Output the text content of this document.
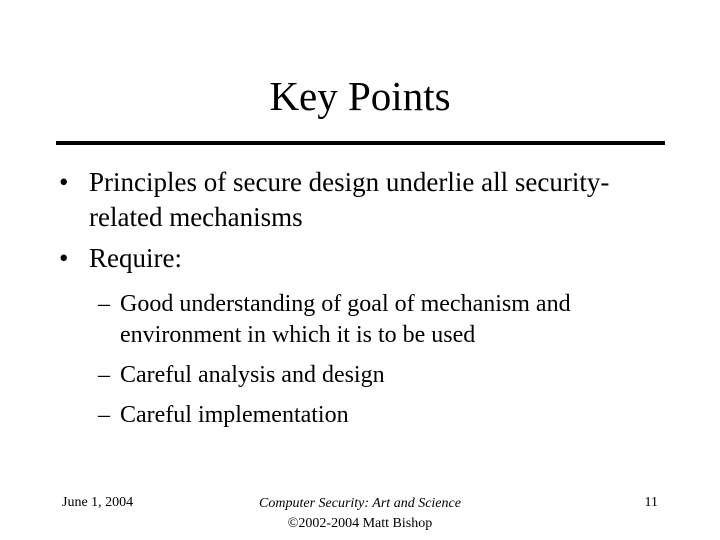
Key Points
• Principles of secure design underlie all security-related mechanisms
• Require:
– Good understanding of goal of mechanism and environment in which it is to be used
– Careful analysis and design
– Careful implementation
June 1, 2004	Computer Security: Art and Science
©2002-2004 Matt Bishop
11
